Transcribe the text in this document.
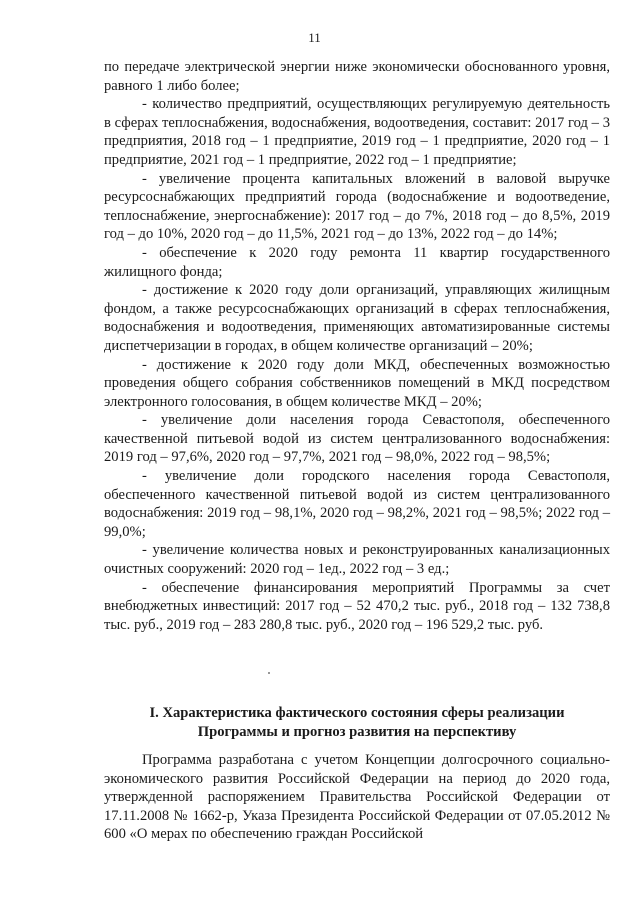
11

по передаче электрической энергии ниже экономически обоснованного уровня, равного 1 либо более;

- количество предприятий, осуществляющих регулируемую деятельность в сферах теплоснабжения, водоснабжения, водоотведения, составит: 2017 год – 3 предприятия, 2018 год – 1 предприятие, 2019 год – 1 предприятие, 2020 год – 1 предприятие, 2021 год – 1 предприятие, 2022 год – 1 предприятие;

- увеличение процента капитальных вложений в валовой выручке ресурсоснабжающих предприятий города (водоснабжение и водоотведение, теплоснабжение, энергоснабжение): 2017 год – до 7%, 2018 год – до 8,5%, 2019 год – до 10%, 2020 год – до 11,5%, 2021 год – до 13%, 2022 год – до 14%;

- обеспечение к 2020 году ремонта 11 квартир государственного жилищного фонда;

- достижение к 2020 году доли организаций, управляющих жилищным фондом, а также ресурсоснабжающих организаций в сферах теплоснабжения, водоснабжения и водоотведения, применяющих автоматизированные системы диспетчеризации в городах, в общем количестве организаций – 20%;

- достижение к 2020 году доли МКД, обеспеченных возможностью проведения общего собрания собственников помещений в МКД посредством электронного голосования, в общем количестве МКД – 20%;

- увеличение доли населения города Севастополя, обеспеченного качественной питьевой водой из систем централизованного водоснабжения: 2019 год – 97,6%, 2020 год – 97,7%, 2021 год – 98,0%, 2022 год – 98,5%;

- увеличение доли городского населения города Севастополя, обеспеченного качественной питьевой водой из систем централизованного водоснабжения: 2019 год – 98,1%, 2020 год – 98,2%, 2021 год – 98,5%; 2022 год – 99,0%;

- увеличение количества новых и реконструированных канализационных очистных сооружений: 2020 год – 1ед., 2022 год – 3 ед.;

- обеспечение финансирования мероприятий Программы за счет внебюджетных инвестиций: 2017 год – 52 470,2 тыс. руб., 2018 год – 132 738,8 тыс. руб., 2019 год – 283 280,8 тыс. руб., 2020 год – 196 529,2 тыс. руб.

I. Характеристика фактического состояния сферы реализации
Программы и прогноз развития на перспективу

Программа разработана с учетом Концепции долгосрочного социально-экономического развития Российской Федерации на период до 2020 года, утвержденной распоряжением Правительства Российской Федерации от 17.11.2008 № 1662-р, Указа Президента Российской Федерации от 07.05.2012 № 600 «О мерах по обеспечению граждан Российской
